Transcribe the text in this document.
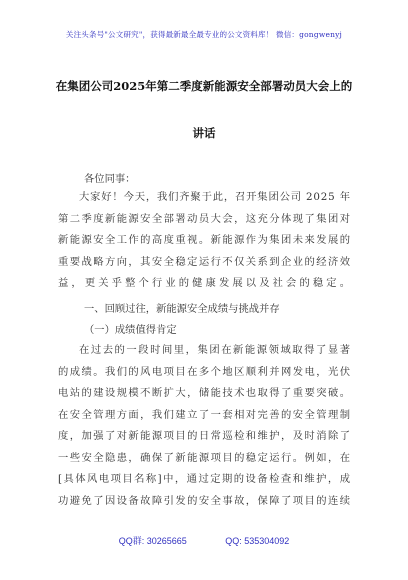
关注头条号"公文研究"，获得最新最全最专业的公文资料库！ 微信：gongwenyj
在集团公司2025年第二季度新能源安全部署动员大会上的
讲话
各位同事：
大家好！今天，我们齐聚于此，召开集团公司 2025 年
第二季度新能源安全部署动员大会，这充分体现了集团对
新能源安全工作的高度重视。新能源作为集团未来发展的
重要战略方向，其安全稳定运行不仅关系到企业的经济效
益，更关乎整个行业的健康发展以及社会的稳定。
一、回顾过往，新能源安全成绩与挑战并存
（一）成绩值得肯定
在过去的一段时间里，集团在新能源领域取得了显著
的成绩。我们的风电项目在多个地区顺利并网发电，光伏
电站的建设规模不断扩大，储能技术也取得了重要突破。
在安全管理方面，我们建立了一套相对完善的安全管理制
度，加强了对新能源项目的日常巡检和维护，及时消除了
一些安全隐患，确保了新能源项目的稳定运行。例如，在
[具体风电项目名称]中，通过定期的设备检查和维护，成
功避免了因设备故障引发的安全事故，保障了项目的连续
QQ群: 30265665	QQ: 535304092
